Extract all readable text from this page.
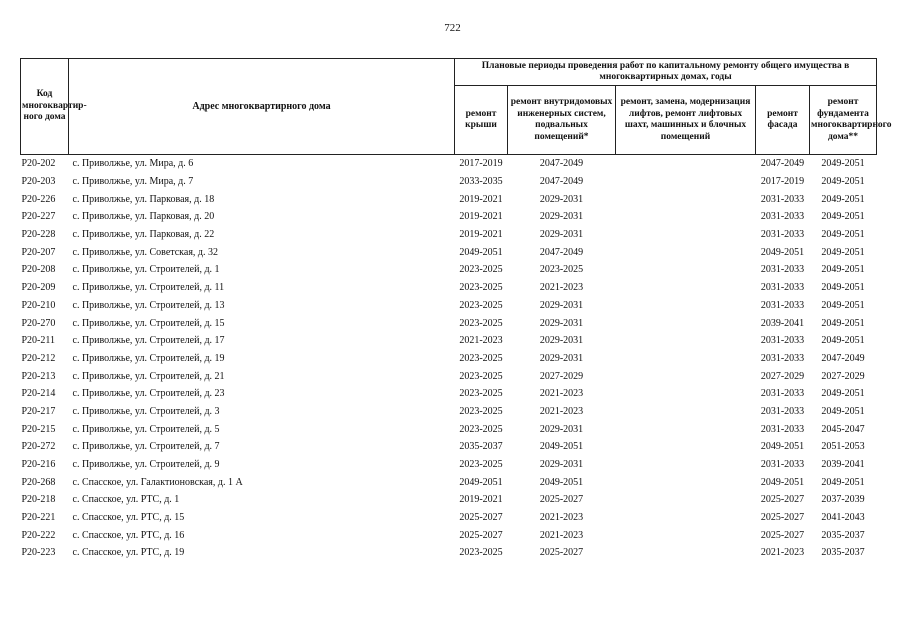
722
Код многоквартир-ного дома	Адрес многоквартирного дома	Плановые периоды проведения работ по капитальному ремонту общего имущества в многоквартирных домах, годы				
		ремонт крыши	ремонт внутридомовых инженерных систем, подвальных помещений*	ремонт, замена, модернизация лифтов, ремонт лифтовых шахт, машинных и блочных помещений	ремонт фасада	ремонт фундамента многоквартирного дома**
P20-202	с. Приволжье, ул. Мира, д. 6	2017-2019	2047-2049		2047-2049	2049-2051
P20-203	с. Приволжье, ул. Мира, д. 7	2033-2035	2047-2049		2017-2019	2049-2051
P20-226	с. Приволжье, ул. Парковая, д. 18	2019-2021	2029-2031		2031-2033	2049-2051
P20-227	с. Приволжье, ул. Парковая, д. 20	2019-2021	2029-2031		2031-2033	2049-2051
P20-228	с. Приволжье, ул. Парковая, д. 22	2019-2021	2029-2031		2031-2033	2049-2051
P20-207	с. Приволжье, ул. Советская, д. 32	2049-2051	2047-2049		2049-2051	2049-2051
P20-208	с. Приволжье, ул. Строителей, д. 1	2023-2025	2023-2025		2031-2033	2049-2051
P20-209	с. Приволжье, ул. Строителей, д. 11	2023-2025	2021-2023		2031-2033	2049-2051
P20-210	с. Приволжье, ул. Строителей, д. 13	2023-2025	2029-2031		2031-2033	2049-2051
P20-270	с. Приволжье, ул. Строителей, д. 15	2023-2025	2029-2031		2039-2041	2049-2051
P20-211	с. Приволжье, ул. Строителей, д. 17	2021-2023	2029-2031		2031-2033	2049-2051
P20-212	с. Приволжье, ул. Строителей, д. 19	2023-2025	2029-2031		2031-2033	2047-2049
P20-213	с. Приволжье, ул. Строителей, д. 21	2023-2025	2027-2029		2027-2029	2027-2029
P20-214	с. Приволжье, ул. Строителей, д. 23	2023-2025	2021-2023		2031-2033	2049-2051
P20-217	с. Приволжье, ул. Строителей, д. 3	2023-2025	2021-2023		2031-2033	2049-2051
P20-215	с. Приволжье, ул. Строителей, д. 5	2023-2025	2029-2031		2031-2033	2045-2047
P20-272	с. Приволжье, ул. Строителей, д. 7	2035-2037	2049-2051		2049-2051	2051-2053
P20-216	с. Приволжье, ул. Строителей, д. 9	2023-2025	2029-2031		2031-2033	2039-2041
P20-268	с. Спасское, ул. Галактионовская, д. 1 А	2049-2051	2049-2051		2049-2051	2049-2051
P20-218	с. Спасское, ул. РТС, д. 1	2019-2021	2025-2027		2025-2027	2037-2039
P20-221	с. Спасское, ул. РТС, д. 15	2025-2027	2021-2023		2025-2027	2041-2043
P20-222	с. Спасское, ул. РТС, д. 16	2025-2027	2021-2023		2025-2027	2035-2037
P20-223	с. Спасское, ул. РТС, д. 19	2023-2025	2025-2027		2021-2023	2035-2037
